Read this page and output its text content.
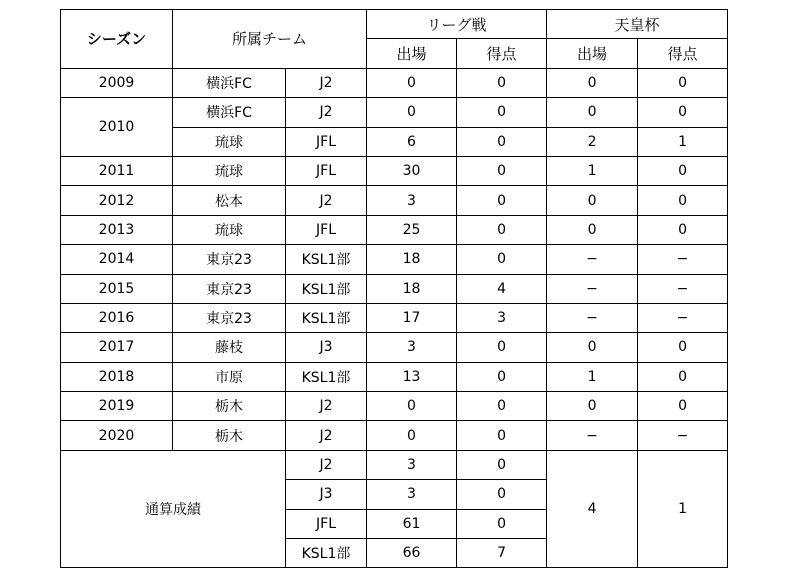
シーズン	所属チーム		リーグ戦		天皇杯	
			出場	得点	出場	得点
2009	横浜FC	J2	0	0	0	0
2010	横浜FC	J2	0	0	0	0
	琉球	JFL	6	0	2	1
2011	琉球	JFL	30	0	1	0
2012	松本	J2	3	0	0	0
2013	琉球	JFL	25	0	0	0
2014	東京23	KSL1部	18	0	−	−
2015	東京23	KSL1部	18	4	−	−
2016	東京23	KSL1部	17	3	−	−
2017	藤枝	J3	3	0	0	0
2018	市原	KSL1部	13	0	1	0
2019	栃木	J2	0	0	0	0
2020	栃木	J2	0	0	−	−
通算成績		J2	3	0	4	1
		J3	3	0		
		JFL	61	0		
		KSL1部	66	7		
